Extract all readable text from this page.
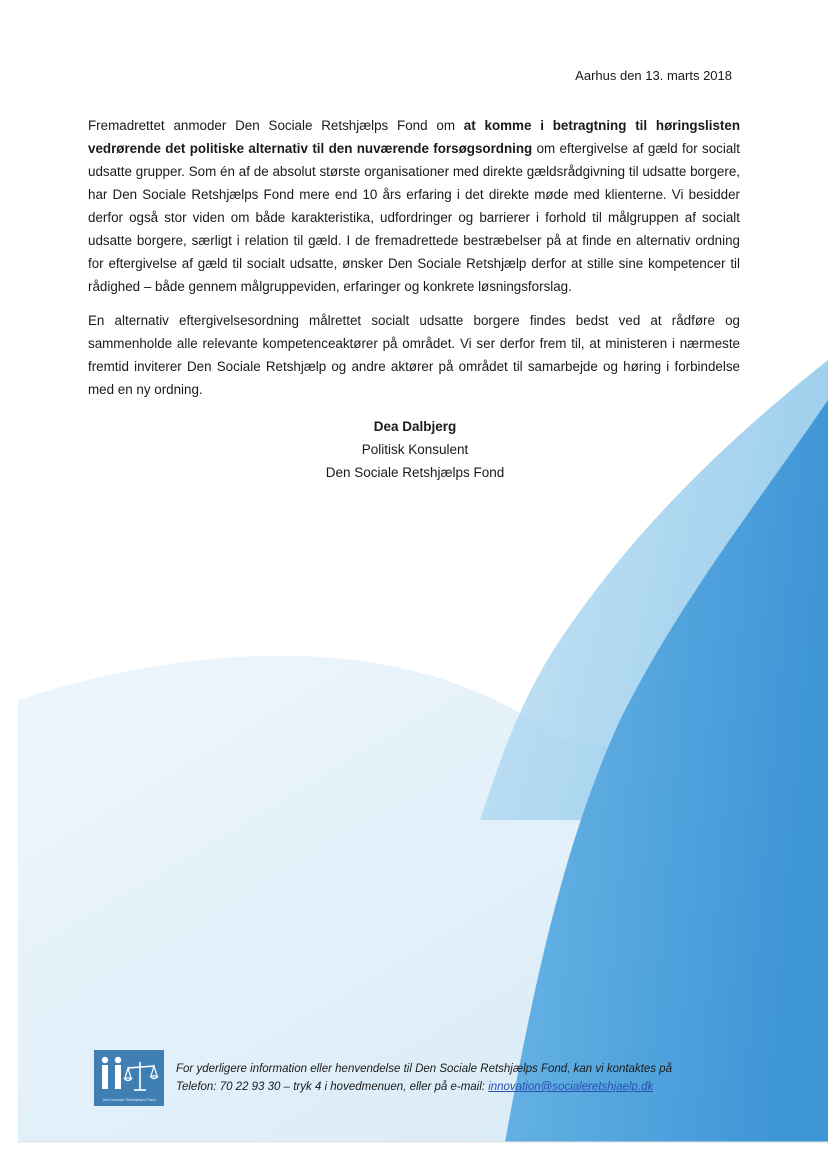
Aarhus den 13. marts 2018

Fremadrettet anmoder Den Sociale Retshjælps Fond om at komme i betragtning til høringslisten vedrørende det politiske alternativ til den nuværende forsøgsordning om eftergivelse af gæld for socialt udsatte grupper. Som én af de absolut største organisationer med direkte gældsrådgivning til udsatte borgere, har Den Sociale Retshjælps Fond mere end 10 års erfaring i det direkte møde med klienterne. Vi besidder derfor også stor viden om både karakteristika, udfordringer og barrierer i forhold til målgruppen af socialt udsatte borgere, særligt i relation til gæld. I de fremadrettede bestræbelser på at finde en alternativ ordning for eftergivelse af gæld til socialt udsatte, ønsker Den Sociale Retshjælp derfor at stille sine kompetencer til rådighed – både gennem målgruppeviden, erfaringer og konkrete løsningsforslag.

En alternativ eftergivelsesordning målrettet socialt udsatte borgere findes bedst ved at rådføre og sammenholde alle relevante kompetenceaktører på området. Vi ser derfor frem til, at ministeren i nærmeste fremtid inviterer Den Sociale Retshjælp og andre aktører på området til samarbejde og høring i forbindelse med en ny ordning.

Dea Dalbjerg
Politisk Konsulent
Den Sociale Retshjælps Fond
Den Sociale Retshjælps Fond
For yderligere information eller henvendelse til Den Sociale Retshjælps Fond, kan vi kontaktes på
Telefon: 70 22 93 30 – tryk 4 i hovedmenuen, eller på e-mail: innovation@socialeretshjaelp.dk
